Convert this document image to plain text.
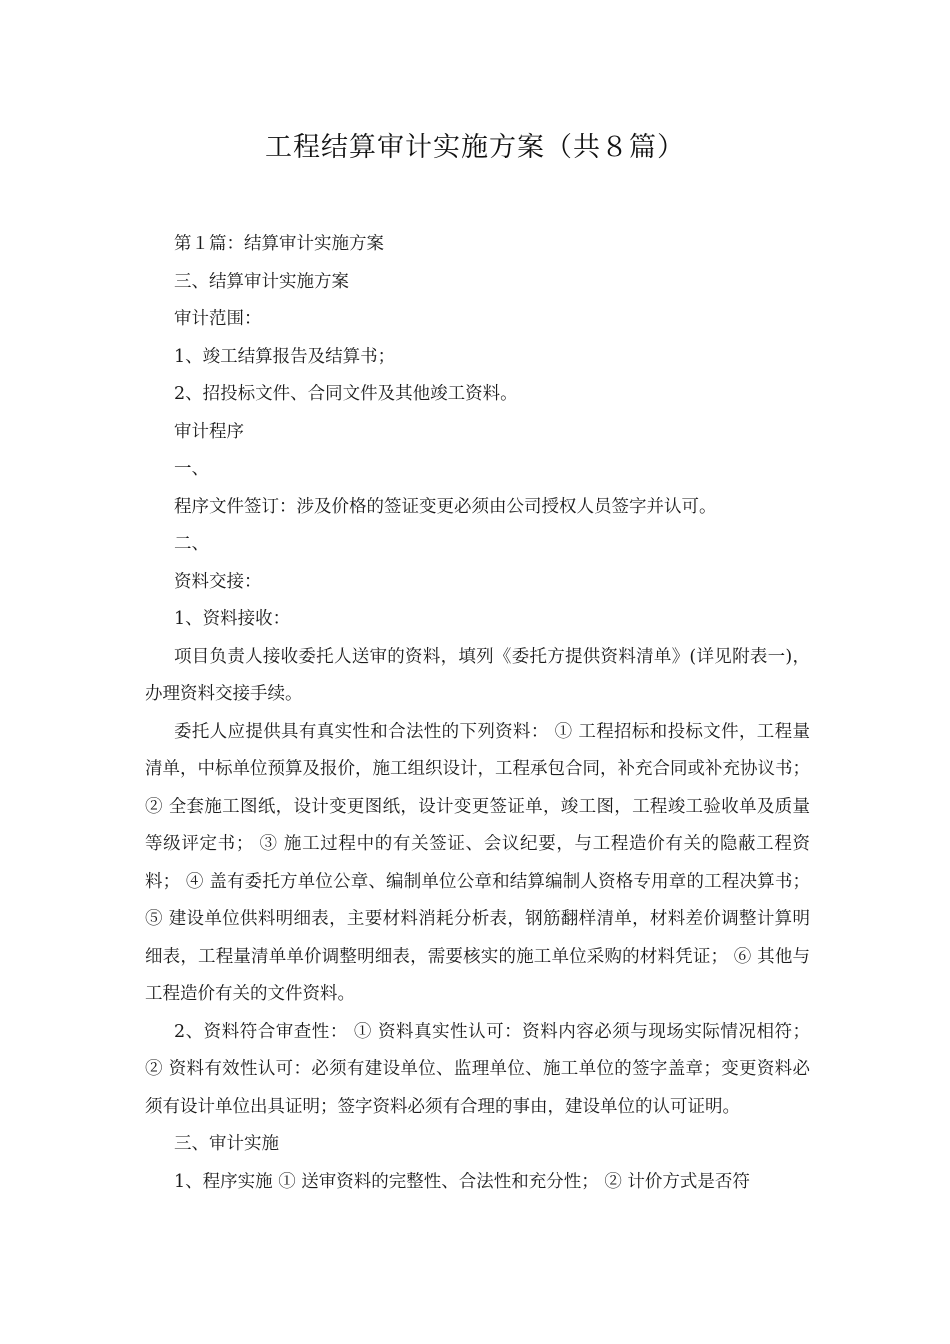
工程结算审计实施方案（共８篇）

第１篇：结算审计实施方案

三、结算审计实施方案

审计范围：

1、竣工结算报告及结算书；

2、招投标文件、合同文件及其他竣工资料。

审计程序

一、

程序文件签订：涉及价格的签证变更必须由公司授权人员签字并认可。

二、

资料交接：

1、资料接收：

项目负责人接收委托人送审的资料，填列《委托方提供资料清单》(详见附表一)，办理资料交接手续。

委托人应提供具有真实性和合法性的下列资料： ① 工程招标和投标文件，工程量清单，中标单位预算及报价，施工组织设计，工程承包合同，补充合同或补充协议书； ② 全套施工图纸，设计变更图纸，设计变更签证单，竣工图，工程竣工验收单及质量等级评定书； ③ 施工过程中的有关签证、会议纪要，与工程造价有关的隐蔽工程资料； ④ 盖有委托方单位公章、编制单位公章和结算编制人资格专用章的工程决算书；⑤ 建设单位供料明细表，主要材料消耗分析表，钢筋翻样清单，材料差价调整计算明细表，工程量清单单价调整明细表，需要核实的施工单位采购的材料凭证； ⑥ 其他与工程造价有关的文件资料。

2、资料符合审查性： ① 资料真实性认可：资料内容必须与现场实际情况相符； ② 资料有效性认可：必须有建设单位、监理单位、施工单位的签字盖章；变更资料必须有设计单位出具证明；签字资料必须有合理的事由，建设单位的认可证明。

三、审计实施

1、程序实施 ① 送审资料的完整性、合法性和充分性； ② 计价方式是否符
